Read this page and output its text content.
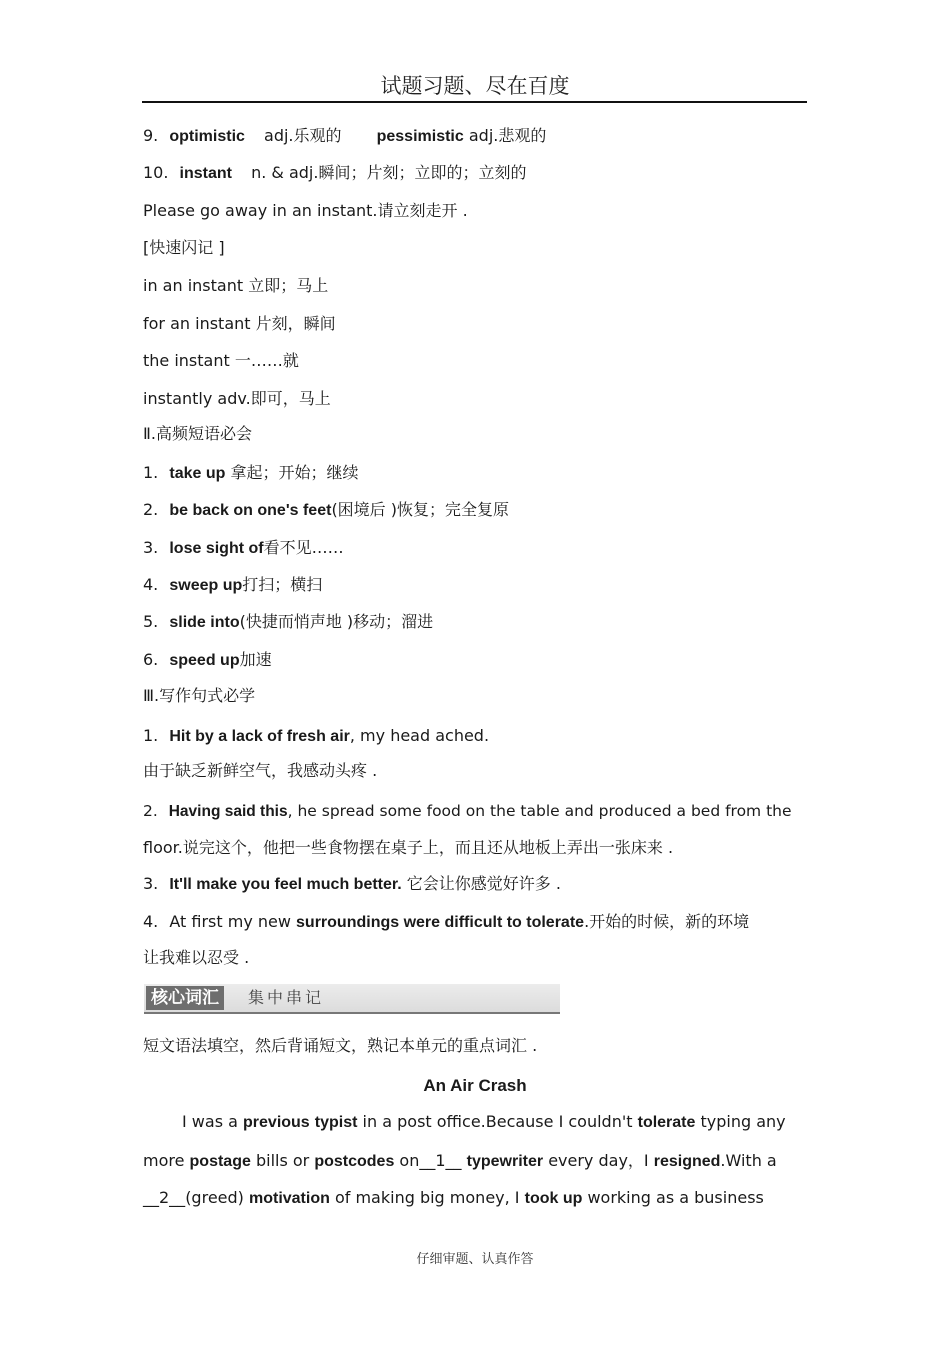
试题习题、尽在百度
9. optimistic adj.乐观的 pessimistic adj.悲观的
10. instant n. & adj.瞬间；片刻；立即的；立刻的
Please go away in an instant.请立刻走开 .
[快速闪记 ]
in an instant 立即；马上
for an instant 片刻，瞬间
the instant 一……就
instantly adv.即可，马上
Ⅱ.高频短语必会
1. take up 拿起；开始；继续
2. be back on one's feet(困境后 )恢复；完全复原
3. lose sight of看不见……
4. sweep up打扫；横扫
5. slide into(快捷而悄声地 )移动；溜进
6. speed up加速
Ⅲ.写作句式必学
1. Hit by a lack of fresh air, my head ached.
由于缺乏新鲜空气，我感动头疼 .
2. Having said this, he spread some food on the table and produced a bed from the
floor.说完这个，他把一些食物摆在桌子上，而且还从地板上弄出一张床来 .
3. It'll make you feel much better. 它会让你感觉好许多 .
4. At first my new surroundings were difficult to tolerate.开始的时候，新的环境
让我难以忍受 .
核心词汇	集中串记
短文语法填空，然后背诵短文，熟记本单元的重点词汇 .
An Air Crash
I was a previous typist in a post office.Because I couldn't tolerate typing any
more postage bills or postcodes on__1__ typewriter every day，I resigned.With a
__2__(greed) motivation of making big money, I took up working as a business
仔细审题、认真作答
